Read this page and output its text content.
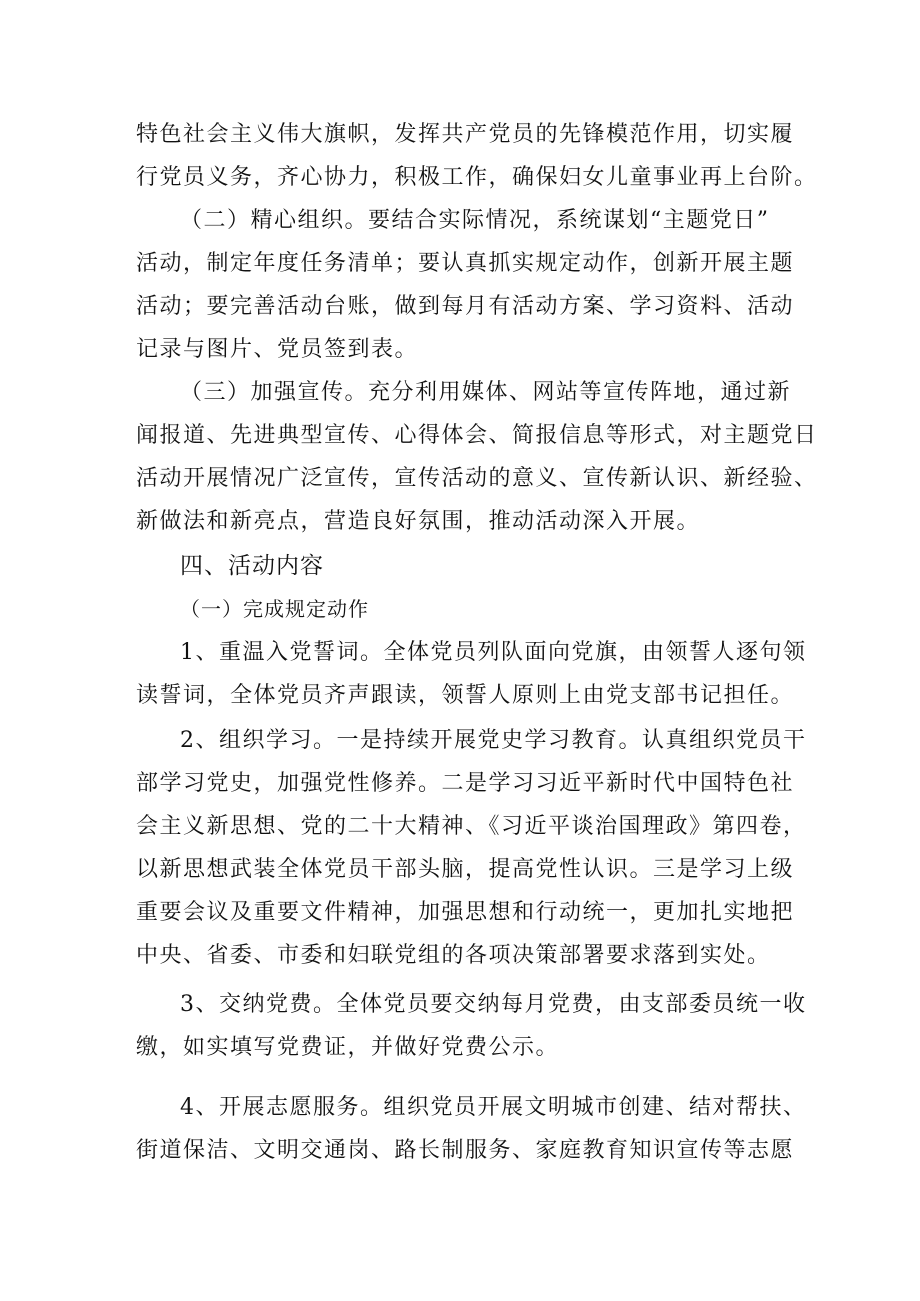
特色社会主义伟大旗帜，发挥共产党员的先锋模范作用，切实履
行党员义务，齐心协力，积极工作，确保妇女儿童事业再上台阶。
（二）精心组织。要结合实际情况，系统谋划“主题党日”
活动，制定年度任务清单；要认真抓实规定动作，创新开展主题
活动；要完善活动台账，做到每月有活动方案、学习资料、活动
记录与图片、党员签到表。
（三）加强宣传。充分利用媒体、网站等宣传阵地，通过新
闻报道、先进典型宣传、心得体会、简报信息等形式，对主题党日
活动开展情况广泛宣传，宣传活动的意义、宣传新认识、新经验、
新做法和新亮点，营造良好氛围，推动活动深入开展。
四、活动内容
（一）完成规定动作
1、重温入党誓词。全体党员列队面向党旗，由领誓人逐句领
读誓词，全体党员齐声跟读，领誓人原则上由党支部书记担任。
2、组织学习。一是持续开展党史学习教育。认真组织党员干
部学习党史，加强党性修养。二是学习习近平新时代中国特色社
会主义新思想、党的二十大精神、《习近平谈治国理政》第四卷，
以新思想武装全体党员干部头脑，提高党性认识。三是学习上级
重要会议及重要文件精神，加强思想和行动统一，更加扎实地把
中央、省委、市委和妇联党组的各项决策部署要求落到实处。
3、交纳党费。全体党员要交纳每月党费，由支部委员统一收
缴，如实填写党费证，并做好党费公示。
4、开展志愿服务。组织党员开展文明城市创建、结对帮扶、
街道保洁、文明交通岗、路长制服务、家庭教育知识宣传等志愿
